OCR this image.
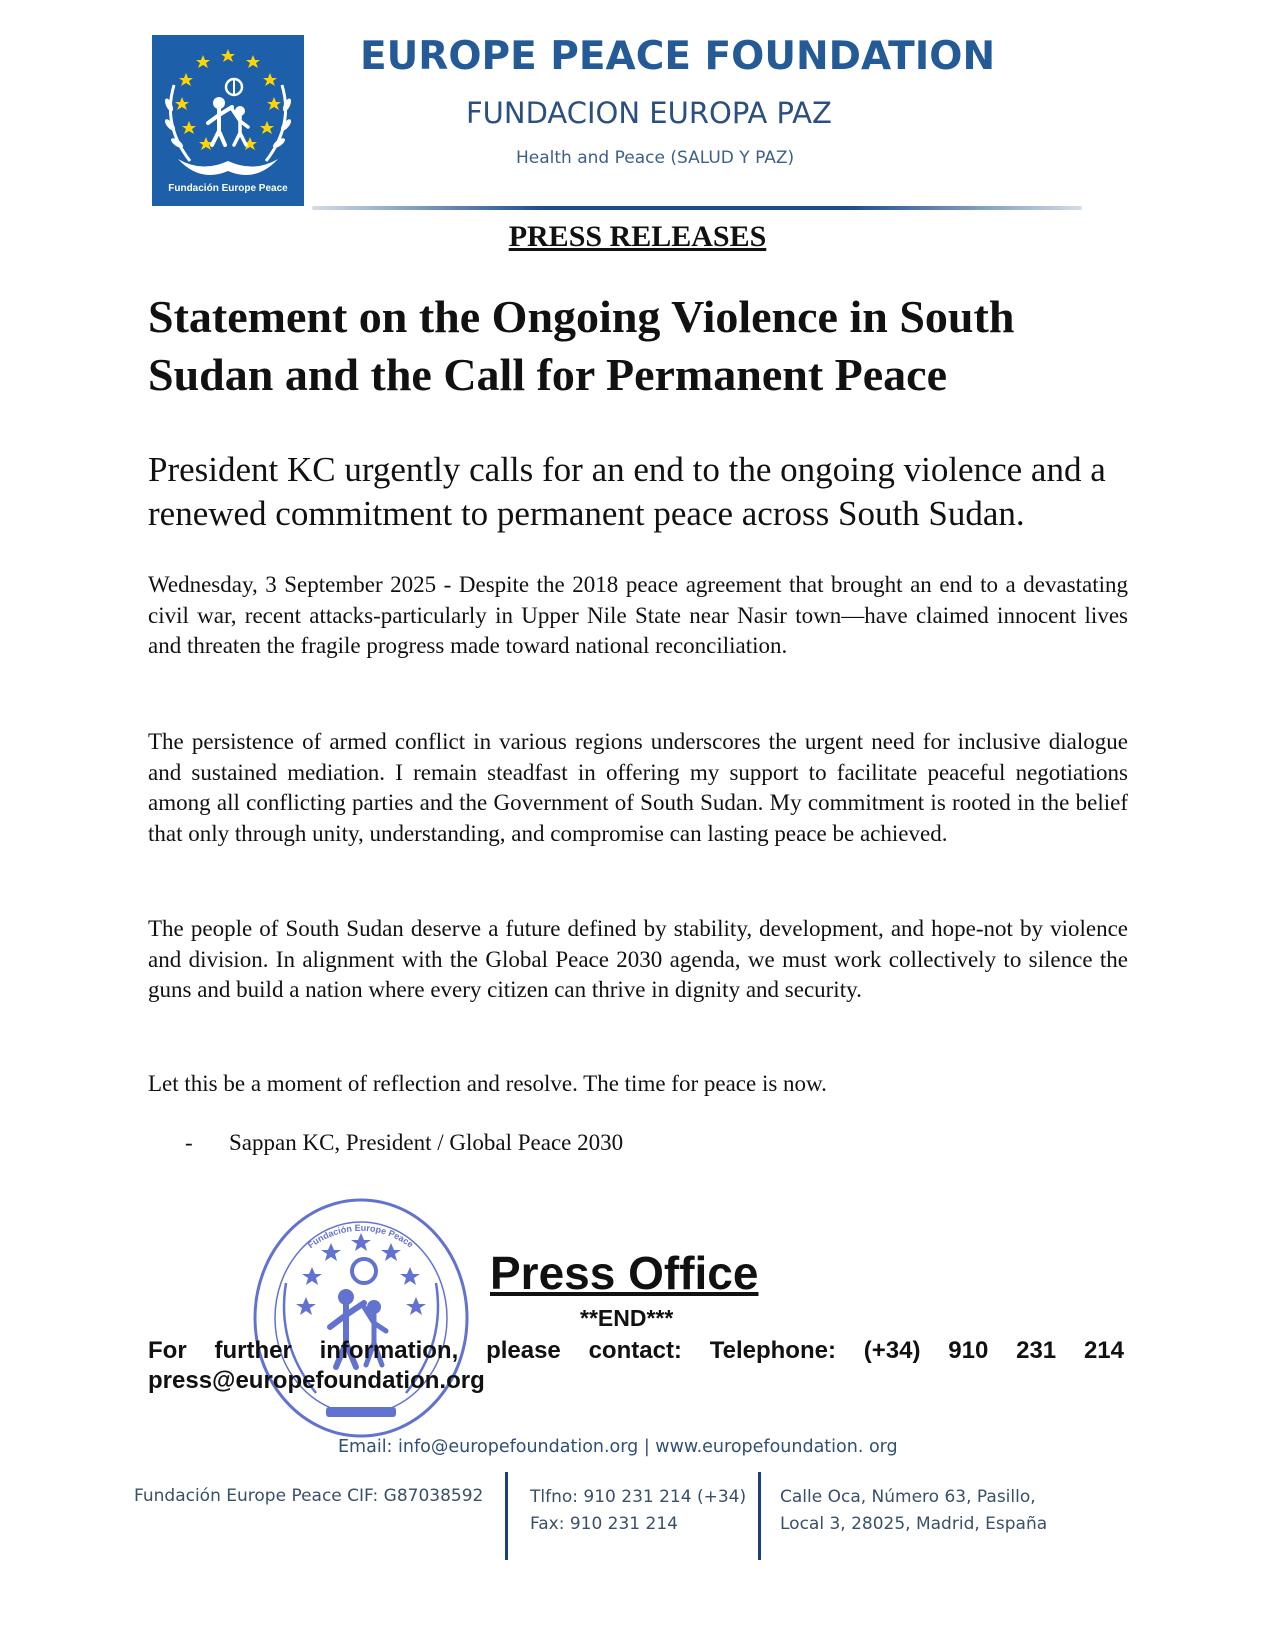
Fundación Europe Peace
EUROPE PEACE FOUNDATION
FUNDACION EUROPA PAZ
Health and Peace (SALUD Y PAZ)
PRESS RELEASES
Statement on the Ongoing Violence in South Sudan and the Call for Permanent Peace
President KC urgently calls for an end to the ongoing violence and a renewed commitment to permanent peace across South Sudan.

Wednesday, 3 September 2025 - Despite the 2018 peace agreement that brought an end to a devastating civil war, recent attacks-particularly in Upper Nile State near Nasir town—have claimed innocent lives and threaten the fragile progress made toward national reconciliation.

The persistence of armed conflict in various regions underscores the urgent need for inclusive dialogue and sustained mediation. I remain steadfast in offering my support to facilitate peaceful negotiations among all conflicting parties and the Government of South Sudan. My commitment is rooted in the belief that only through unity, understanding, and compromise can lasting peace be achieved.

The people of South Sudan deserve a future defined by stability, development, and hope-not by violence and division. In alignment with the Global Peace 2030 agenda, we must work collectively to silence the guns and build a nation where every citizen can thrive in dignity and security.

Let this be a moment of reflection and resolve. The time for peace is now.

- Sappan KC, President / Global Peace 2030
Fundación Europe Peace
Press Office
**END***
For further information, please contact: Telephone: (+34) 910 231 214
press@europefoundation.org
Email: info@europefoundation.org | www.europefoundation. org
Fundación Europe Peace CIF: G87038592	Tlfno: 910 231 214 (+34)
Fax: 910 231 214
Calle Oca, Número 63, Pasillo,
Local 3, 28025, Madrid, España
